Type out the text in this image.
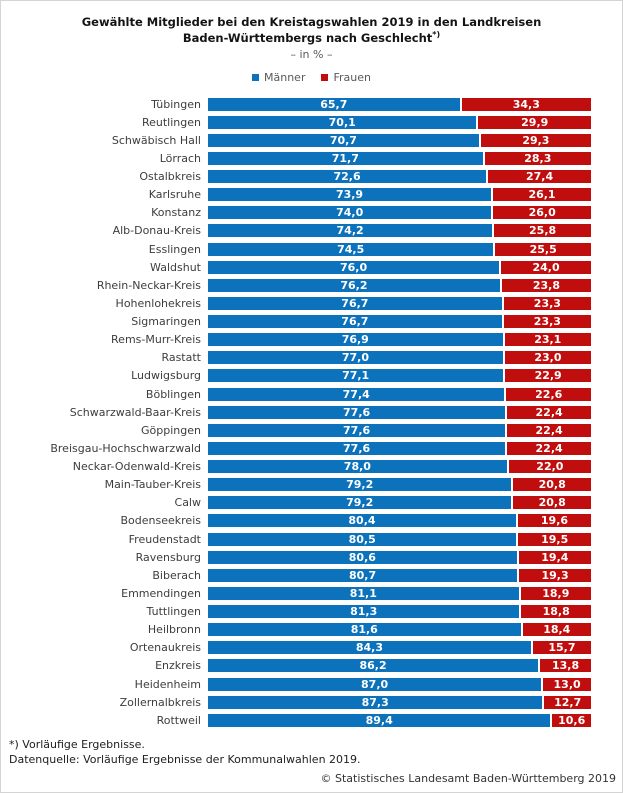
Gewählte Mitglieder bei den Kreistagswahlen 2019 in den Landkreisen
Baden-Württembergs nach Geschlecht*)
– in % –
Männer	Frauen
Tübingen	65,7	34,3
Reutlingen	70,1	29,9
Schwäbisch Hall	70,7	29,3
Lörrach	71,7	28,3
Ostalbkreis	72,6	27,4
Karlsruhe	73,9	26,1
Konstanz	74,0	26,0
Alb-Donau-Kreis	74,2	25,8
Esslingen	74,5	25,5
Waldshut	76,0	24,0
Rhein-Neckar-Kreis	76,2	23,8
Hohenlohekreis	76,7	23,3
Sigmaringen	76,7	23,3
Rems-Murr-Kreis	76,9	23,1
Rastatt	77,0	23,0
Ludwigsburg	77,1	22,9
Böblingen	77,4	22,6
Schwarzwald-Baar-Kreis	77,6	22,4
Göppingen	77,6	22,4
Breisgau-Hochschwarzwald	77,6	22,4
Neckar-Odenwald-Kreis	78,0	22,0
Main-Tauber-Kreis	79,2	20,8
Calw	79,2	20,8
Bodenseekreis	80,4	19,6
Freudenstadt	80,5	19,5
Ravensburg	80,6	19,4
Biberach	80,7	19,3
Emmendingen	81,1	18,9
Tuttlingen	81,3	18,8
Heilbronn	81,6	18,4
Ortenaukreis	84,3	15,7
Enzkreis	86,2	13,8
Heidenheim	87,0	13,0
Zollernalbkreis	87,3	12,7
Rottweil	89,4	10,6
*) Vorläufige Ergebnisse.
Datenquelle: Vorläufige Ergebnisse der Kommunalwahlen 2019.
© Statistisches Landesamt Baden-Württemberg 2019
